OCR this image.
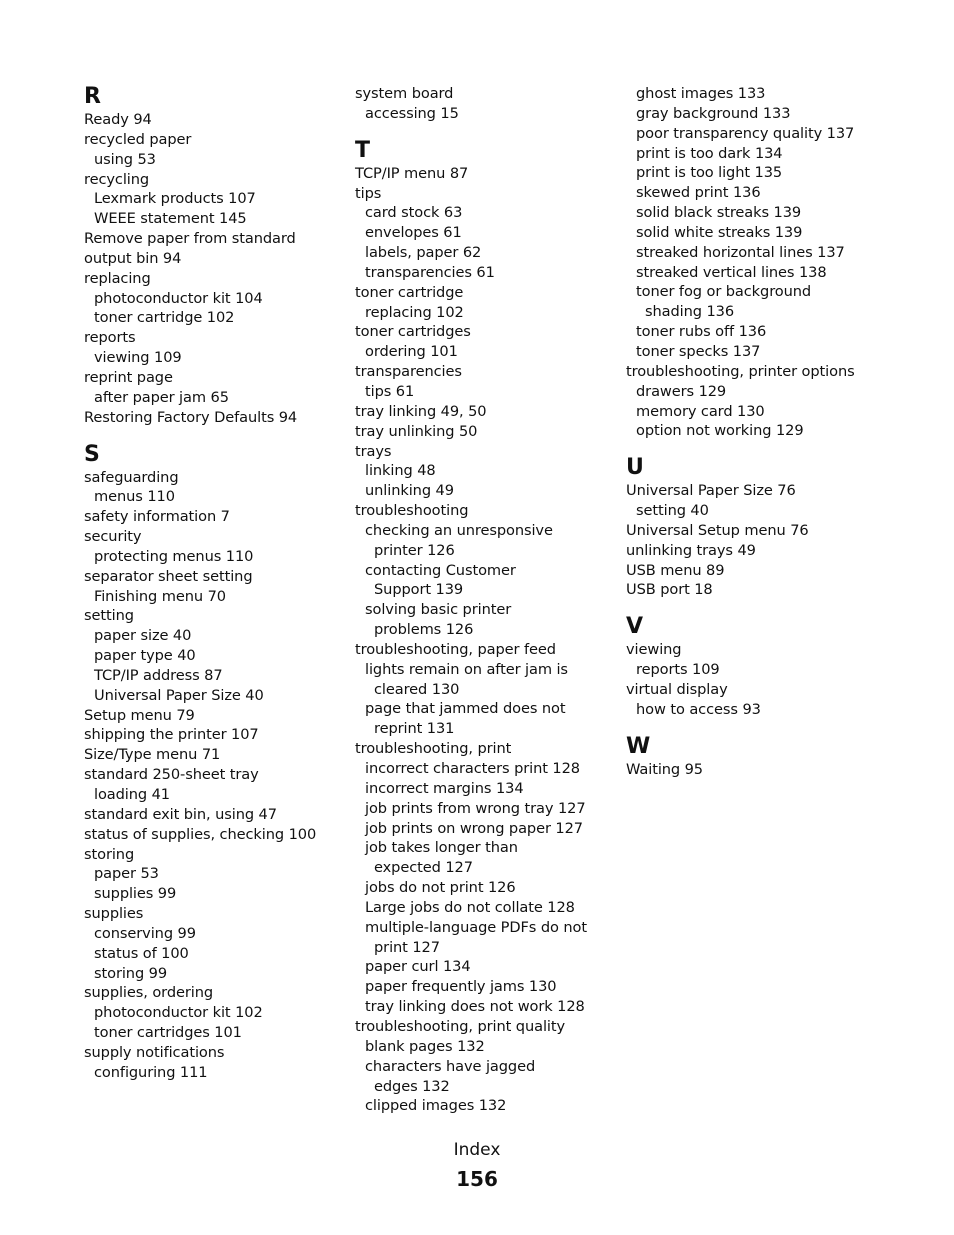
R
Ready 94
recycled paper
using 53
recycling
Lexmark products 107
WEEE statement 145
Remove paper from standard
output bin 94
replacing
photoconductor kit 104
toner cartridge 102
reports
viewing 109
reprint page
after paper jam 65
Restoring Factory Defaults 94
S
safeguarding
menus 110
safety information 7
security
protecting menus 110
separator sheet setting
Finishing menu 70
setting
paper size 40
paper type 40
TCP/IP address 87
Universal Paper Size 40
Setup menu 79
shipping the printer 107
Size/Type menu 71
standard 250-sheet tray
loading 41
standard exit bin, using 47
status of supplies, checking 100
storing
paper 53
supplies 99
supplies
conserving 99
status of 100
storing 99
supplies, ordering
photoconductor kit 102
toner cartridges 101
supply notifications
configuring 111
system board
accessing 15
T
TCP/IP menu 87
tips
card stock 63
envelopes 61
labels, paper 62
transparencies 61
toner cartridge
replacing 102
toner cartridges
ordering 101
transparencies
tips 61
tray linking 49, 50
tray unlinking 50
trays
linking 48
unlinking 49
troubleshooting
checking an unresponsive
printer 126
contacting Customer
Support 139
solving basic printer
problems 126
troubleshooting, paper feed
lights remain on after jam is
cleared 130
page that jammed does not
reprint 131
troubleshooting, print
incorrect characters print 128
incorrect margins 134
job prints from wrong tray 127
job prints on wrong paper 127
job takes longer than
expected 127
jobs do not print 126
Large jobs do not collate 128
multiple-language PDFs do not
print 127
paper curl 134
paper frequently jams 130
tray linking does not work 128
troubleshooting, print quality
blank pages 132
characters have jagged
edges 132
clipped images 132
ghost images 133
gray background 133
poor transparency quality 137
print is too dark 134
print is too light 135
skewed print 136
solid black streaks 139
solid white streaks 139
streaked horizontal lines 137
streaked vertical lines 138
toner fog or background
shading 136
toner rubs off 136
toner specks 137
troubleshooting, printer options
drawers 129
memory card 130
option not working 129
U
Universal Paper Size 76
setting 40
Universal Setup menu 76
unlinking trays 49
USB menu 89
USB port 18
V
viewing
reports 109
virtual display
how to access 93
W
Waiting 95
Index
156
